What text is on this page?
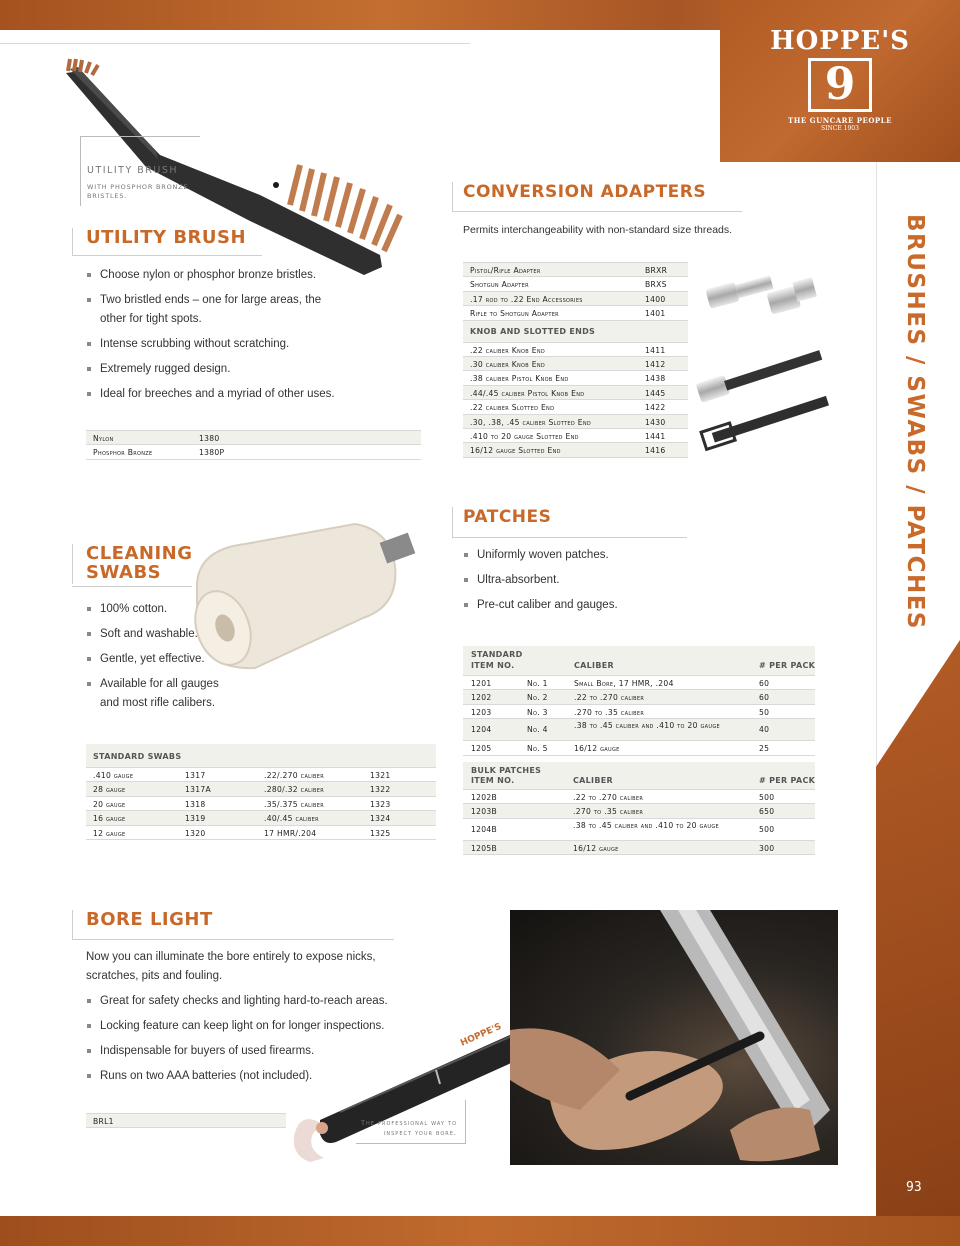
HOPPE'S
9
THE GUNCARE PEOPLE
SINCE 1903
BRUSHES / SWABS / PATCHES
93
UTILITY BRUSH
WITH PHOSPHOR BRONZE BRISTLES.
UTILITY BRUSH
Choose nylon or phosphor bronze bristles.
Two bristled ends – one for large areas, the other for tight spots.
Intense scrubbing without scratching.
Extremely rugged design.
Ideal for breeches and a myriad of other uses.
Nylon	1380
Phosphor Bronze	1380P
CONVERSION ADAPTERS
Permits interchangeability with non-standard size threads.
Pistol/Rifle Adapter	BRXR
Shotgun Adapter	BRXS
.17 rod to .22 End Accessories	1400
Rifle to Shotgun Adapter	1401
KNOB AND SLOTTED ENDS
.22 caliber Knob End	1411
.30 caliber Knob End	1412
.38 caliber Pistol Knob End	1438
.44/.45 caliber Pistol Knob End	1445
.22 caliber Slotted End	1422
.30, .38, .45 caliber Slotted End	1430
.410 to 20 gauge Slotted End	1441
16/12 gauge Slotted End	1416
CLEANING
SWABS
100% cotton.
Soft and washable.
Gentle, yet effective.
Available for all gauges and most rifle calibers.
STANDARD SWABS
.410 gauge	1317	.22/.270 caliber	1321
28 gauge	1317A	.280/.32 caliber	1322
20 gauge	1318	.35/.375 caliber	1323
16 gauge	1319	.40/.45 caliber	1324
12 gauge	1320	17 HMR/.204	1325
PATCHES
Uniformly woven patches.
Ultra-absorbent.
Pre-cut caliber and gauges.
STANDARD
ITEM NO.	CALIBER	# PER PACK
1201	No. 1	Small Bore, 17 HMR, .204	60
1202	No. 2	.22 to .270 caliber	60
1203	No. 3	.270 to .35 caliber	50
1204	No. 4	.38 to .45 caliber and .410 to 20 gauge	40
1205	No. 5	16/12 gauge	25
BULK PATCHES
ITEM NO.	CALIBER	# PER PACK
1202B	.22 to .270 caliber	500
1203B	.270 to .35 caliber	650
1204B	.38 to .45 caliber and .410 to 20 gauge	500
1205B	16/12 gauge	300
BORE LIGHT
Now you can illuminate the bore entirely to expose nicks, scratches, pits and fouling.
Great for safety checks and lighting hard-to-reach areas.
Locking feature can keep light on for longer inspections.
Indispensable for buyers of used firearms.
Runs on two AAA batteries (not included).
BRL1
HOPPE'S
The professional way to inspect your bore.
